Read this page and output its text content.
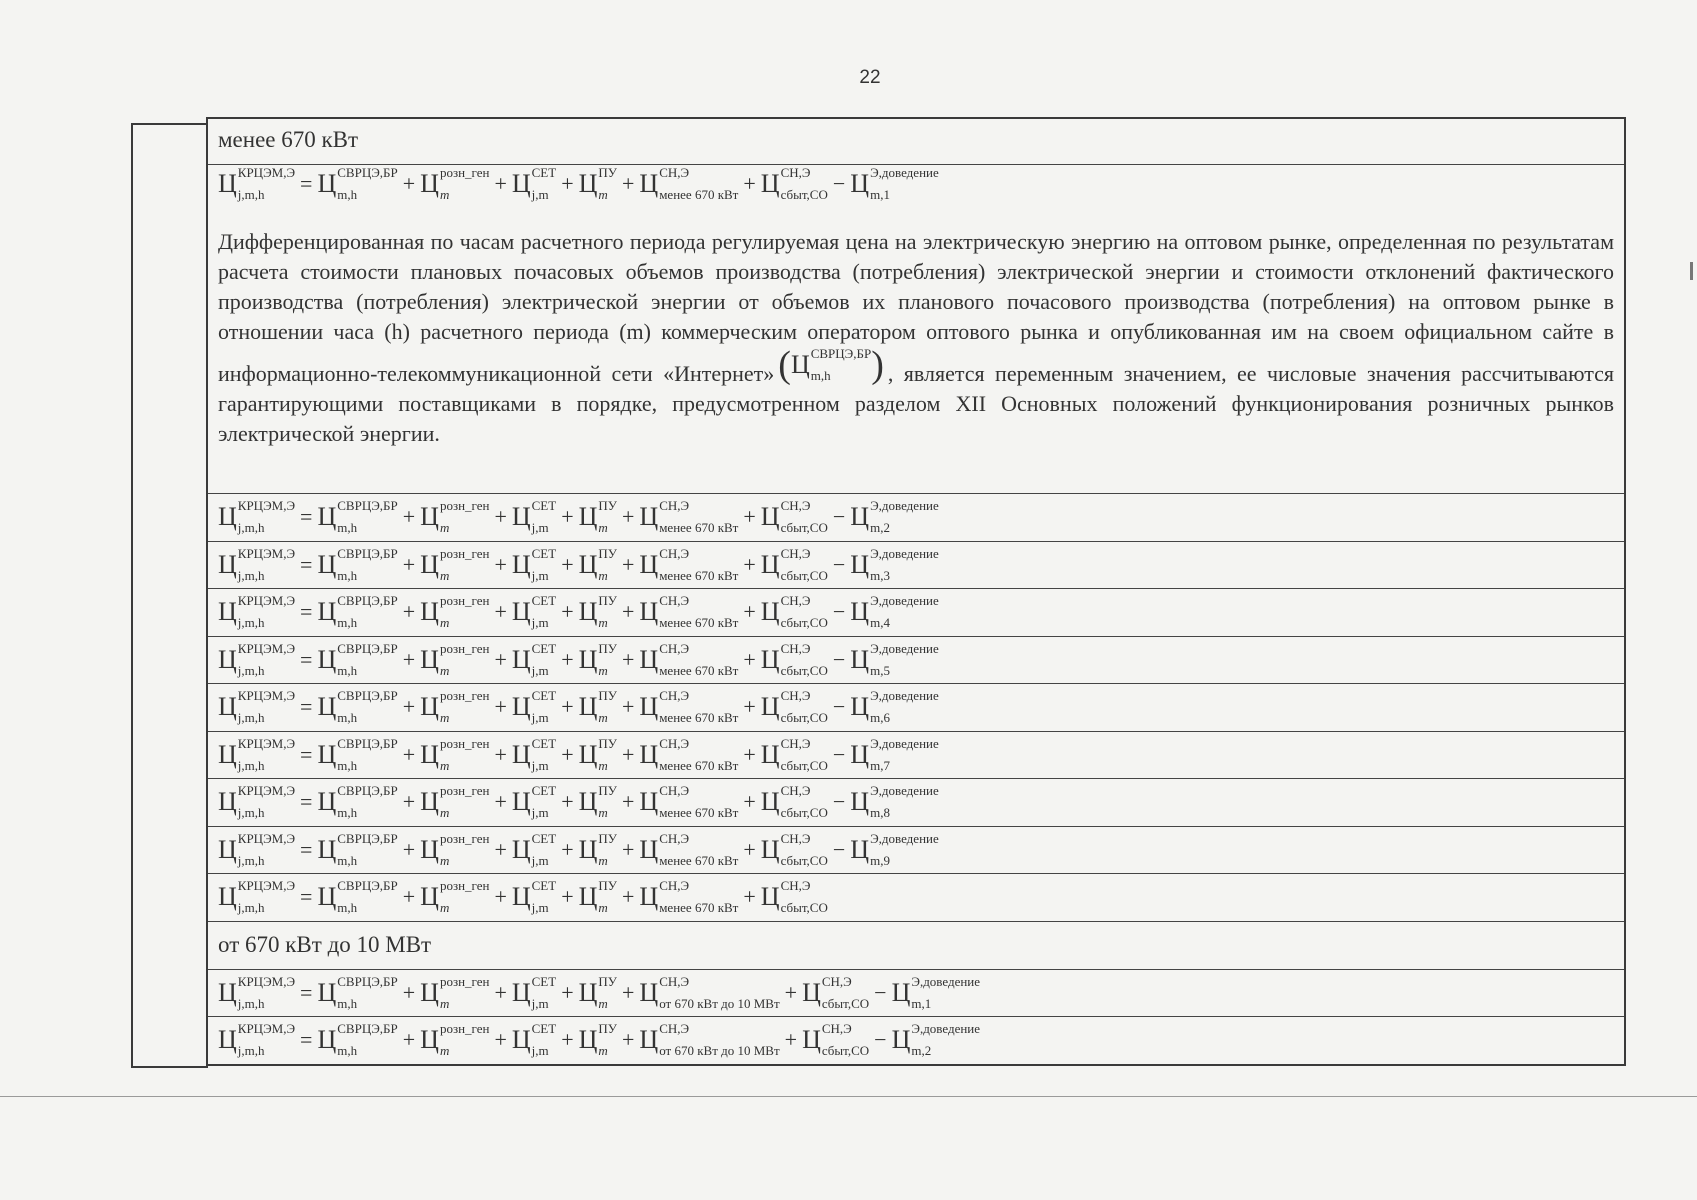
22
менее 670 кВт
Ц КРЦЭМ,Э
j,m,h	= Ц СВРЦЭ,БР
m,h	+ Ц розн_ген
m	+ Ц СЕТ
j,m + Ц ПУ
m + Ц СН,Э
менее 670 кВт + Ц СН,Э
сбыт,СО − Ц Э,доведение
m,1
Дифференцированная по часам расчетного периода регулируемая цена на электрическую энергию на оптовом рынке, определенная по результатам расчета стоимости плановых почасовых объемов производства (потребления) электрической энергии и стоимости отклонений фактического производства (потребления) электрической энергии от объемов их планового почасового производства (потребления) на оптовом рынке в отношении часа (h) расчетного периода (m) коммерческим оператором оптового рынка и опубликованная им на своем официальном сайте в информационно-телекоммуникационной сети «Интернет» ( Ц СВРЦЭ,БР
m,h	) , является переменным значением, ее числовые значения рассчитываются гарантирующими поставщиками в порядке, предусмотренном разделом XII Основных положений функционирования розничных рынков электрической энергии.
Ц КРЦЭМ,Э
j,m,h	= Ц СВРЦЭ,БР
m,h	+ Ц розн_ген
m	+ Ц СЕТ
j,m + Ц ПУ
m + Ц СН,Э
менее 670 кВт + Ц СН,Э
сбыт,СО − Ц Э,доведение
m,2
Ц КРЦЭМ,Э
j,m,h	= Ц СВРЦЭ,БР
m,h	+ Ц розн_ген
m	+ Ц СЕТ
j,m + Ц ПУ
m + Ц СН,Э
менее 670 кВт + Ц СН,Э
сбыт,СО − Ц Э,доведение
m,3
Ц КРЦЭМ,Э
j,m,h	= Ц СВРЦЭ,БР
m,h	+ Ц розн_ген
m	+ Ц СЕТ
j,m + Ц ПУ
m + Ц СН,Э
менее 670 кВт + Ц СН,Э
сбыт,СО − Ц Э,доведение
m,4
Ц КРЦЭМ,Э
j,m,h	= Ц СВРЦЭ,БР
m,h	+ Ц розн_ген
m	+ Ц СЕТ
j,m + Ц ПУ
m + Ц СН,Э
менее 670 кВт + Ц СН,Э
сбыт,СО − Ц Э,доведение
m,5
Ц КРЦЭМ,Э
j,m,h	= Ц СВРЦЭ,БР
m,h	+ Ц розн_ген
m	+ Ц СЕТ
j,m + Ц ПУ
m + Ц СН,Э
менее 670 кВт + Ц СН,Э
сбыт,СО − Ц Э,доведение
m,6
Ц КРЦЭМ,Э
j,m,h	= Ц СВРЦЭ,БР
m,h	+ Ц розн_ген
m	+ Ц СЕТ
j,m + Ц ПУ
m + Ц СН,Э
менее 670 кВт + Ц СН,Э
сбыт,СО − Ц Э,доведение
m,7
Ц КРЦЭМ,Э
j,m,h	= Ц СВРЦЭ,БР
m,h	+ Ц розн_ген
m	+ Ц СЕТ
j,m + Ц ПУ
m + Ц СН,Э
менее 670 кВт + Ц СН,Э
сбыт,СО − Ц Э,доведение
m,8
Ц КРЦЭМ,Э
j,m,h	= Ц СВРЦЭ,БР
m,h	+ Ц розн_ген
m	+ Ц СЕТ
j,m + Ц ПУ
m + Ц СН,Э
менее 670 кВт + Ц СН,Э
сбыт,СО − Ц Э,доведение
m,9
Ц КРЦЭМ,Э
j,m,h	= Ц СВРЦЭ,БР
m,h	+ Ц розн_ген
m	+ Ц СЕТ
j,m + Ц ПУ
m + Ц СН,Э
менее 670 кВт + Ц СН,Э
сбыт,СО
от 670 кВт до 10 МВт
Ц КРЦЭМ,Э
j,m,h	= Ц СВРЦЭ,БР
m,h	+ Ц розн_ген
m	+ Ц СЕТ
j,m + Ц ПУ
m + Ц СН,Э
от 670 кВт до 10 МВт + Ц СН,Э
сбыт,СО − Ц Э,доведение
m,1
Ц КРЦЭМ,Э
j,m,h	= Ц СВРЦЭ,БР
m,h	+ Ц розн_ген
m	+ Ц СЕТ
j,m + Ц ПУ
m + Ц СН,Э
от 670 кВт до 10 МВт + Ц СН,Э
сбыт,СО − Ц Э,доведение
m,2
